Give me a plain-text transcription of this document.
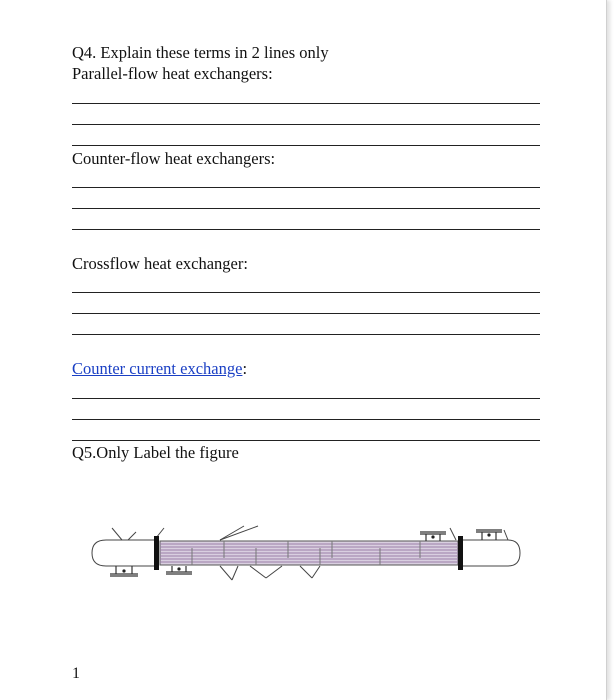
Q4. Explain these terms in 2 lines only
Parallel-flow heat exchangers:
Counter-flow heat exchangers:
Crossflow heat exchanger:
Counter current exchange:
Q5.Only Label the figure
1
